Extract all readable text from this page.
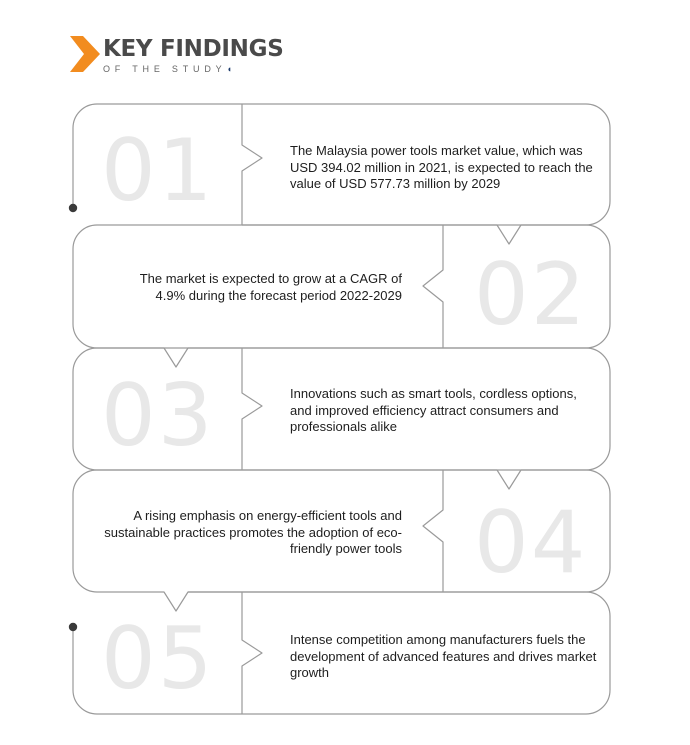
KEY FINDINGS
OF THE STUDY◖
01	The Malaysia power tools market value, which was USD 394.02 million in 2021, is expected to reach the value of USD 577.73 million by 2029
02
The market is expected to grow at a CAGR of 4.9% during the forecast period 2022-2029
03	Innovations such as smart tools, cordless options, and improved efficiency attract consumers and professionals alike
04
A rising emphasis on energy-efficient tools and sustainable practices promotes the adoption of eco-friendly power tools
05	Intense competition among manufacturers fuels the development of advanced features and drives market growth
